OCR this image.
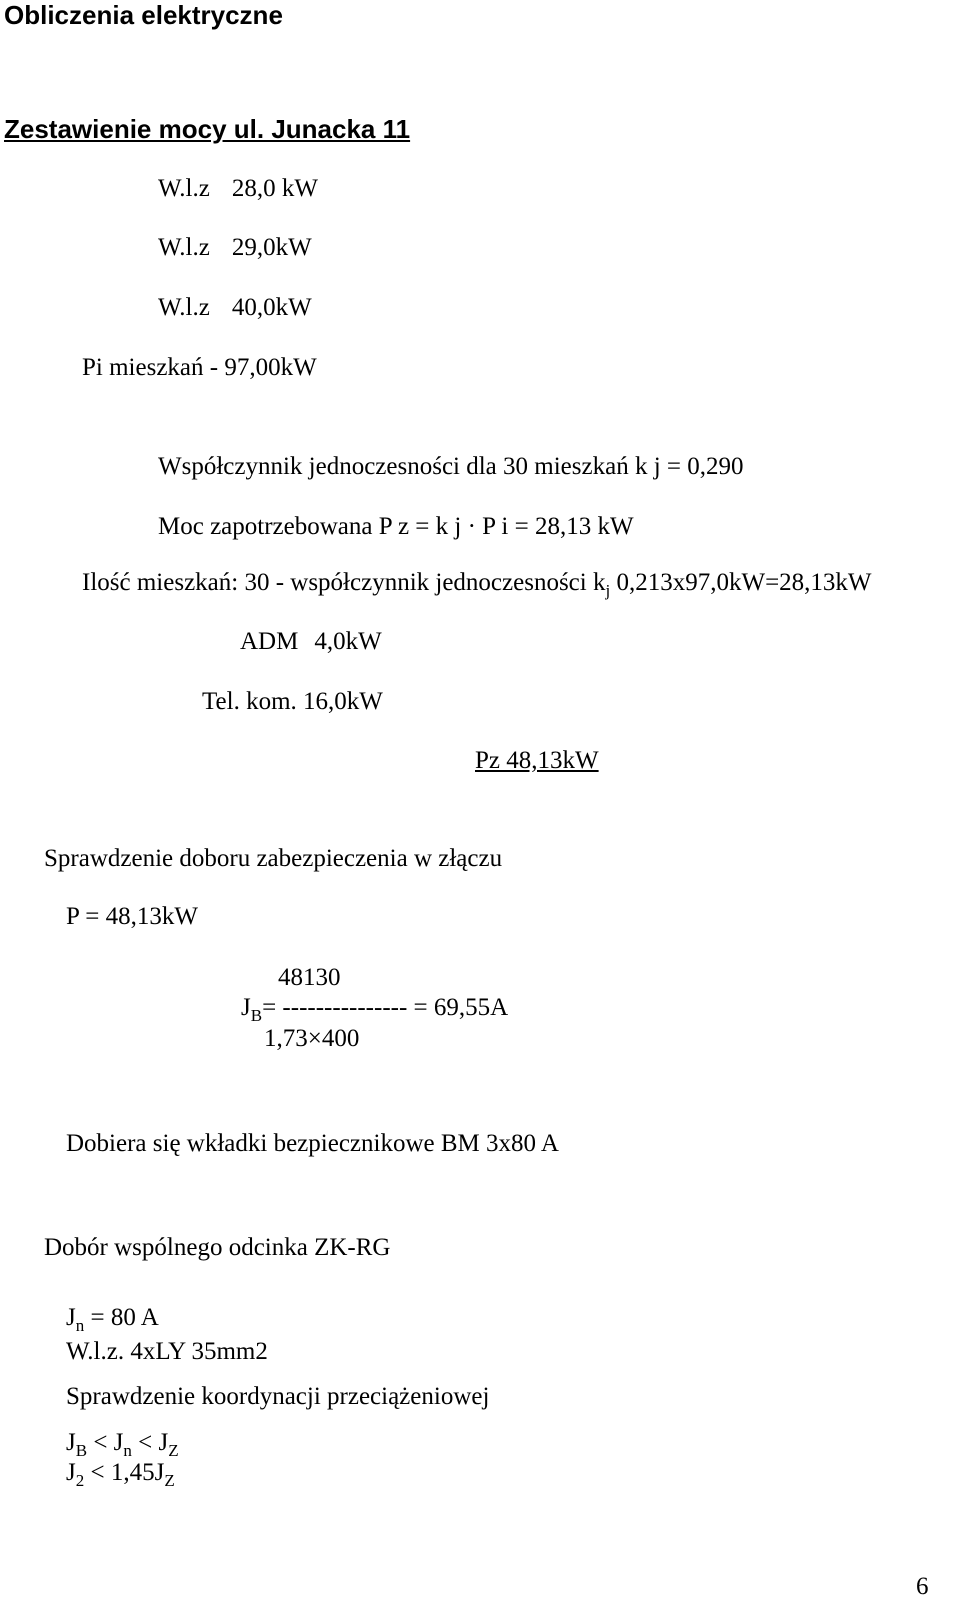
Obliczenia elektryczne
Zestawienie mocy ul. Junacka 11
W.l.z 28,0 kW
W.l.z 29,0kW
W.l.z 40,0kW
Pi mieszkań - 97,00kW
Współczynnik jednoczesności dla 30 mieszkań k j = 0,290
Moc zapotrzebowana P z = k j · P i = 28,13 kW
Ilość mieszkań: 30 - współczynnik jednoczesności $k_j$ 0,213x97,0kW=28,13kW
ADM 4,0kW
Tel. kom. 16,0kW
Pz 48,13kW
Sprawdzenie doboru zabezpieczenia w złączu
P = 48,13kW
48130
$J_B=$ --------------- = 69,55A
1,73×400
Dobiera się wkładki bezpiecznikowe BM 3x80 A
Dobór wspólnego odcinka ZK-RG
$J_n = 80$ A
W.l.z. 4xLY 35mm2
Sprawdzenie koordynacji przeciążeniowej
$J_B < J_n < J_Z$
$J_2 < 1,45J_Z$
6
